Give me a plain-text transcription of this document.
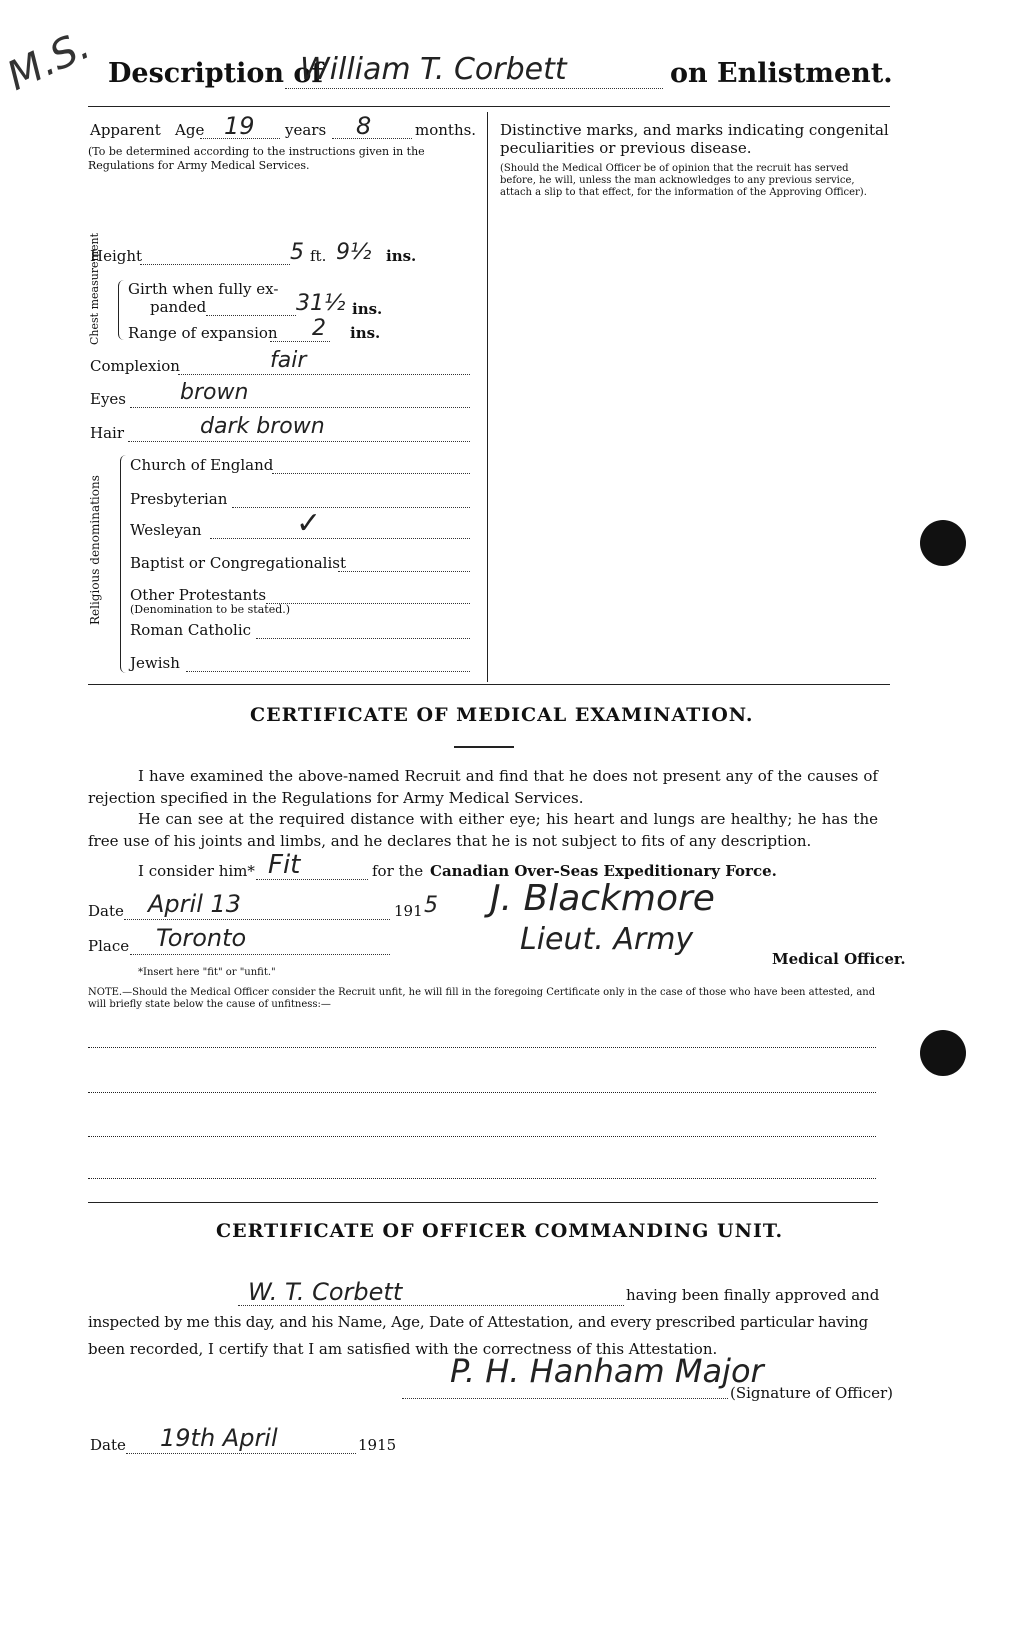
M.S. Description of
William T. Corbett	on Enlistment.
Apparent Age 19 years 8	months.
(To be determined according to the instructions given in the Regulations for Army Medical Services.
Height	5 ft. 9½ ins.
Chest measurement Girth when fully ex-
panded	31½ ins.
Range of expansion 2 ins.
Complexion	fair
Eyes brown
Hair	dark brown
Religious denominations
Church of England
Presbyterian
Wesleyan	✓
Baptist or Congregationalist
Other Protestants
(Denomination to be stated.)
Roman Catholic
Jewish
Distinctive marks, and marks indicating congenital
peculiarities or previous disease.
(Should the Medical Officer be of opinion that the recruit has served before, he will, unless the man acknowledges to any previous service, attach a slip to that effect, for the information of the Approving Officer).
CERTIFICATE OF MEDICAL EXAMINATION.
I have examined the above-named Recruit and find that he does not present any of the causes of rejection specified in the Regulations for Army Medical Services.
He can see at the required distance with either eye; his heart and lungs are healthy; he has the free use of his joints and limbs, and he declares that he is not subject to fits of any description.
I consider him* Fit	for the Canadian Over-Seas Expeditionary Force.
Date April 13	191 5 J. Blackmore
Lieut. Army
Place Toronto
Medical Officer.
*Insert here "fit" or "unfit."
NOTE.—Should the Medical Officer consider the Recruit unfit, he will fill in the foregoing Certificate only in the case of those who have been attested, and will briefly state below the cause of unfitness:—
CERTIFICATE OF OFFICER COMMANDING UNIT.
W. T. Corbett	having been finally approved and
inspected by me this day, and his Name, Age, Date of Attestation, and every prescribed particular having
been recorded, I certify that I am satisfied with the correctness of this Attestation.
P. H. Hanham Major
(Signature of Officer)
Date 19th April	1915
